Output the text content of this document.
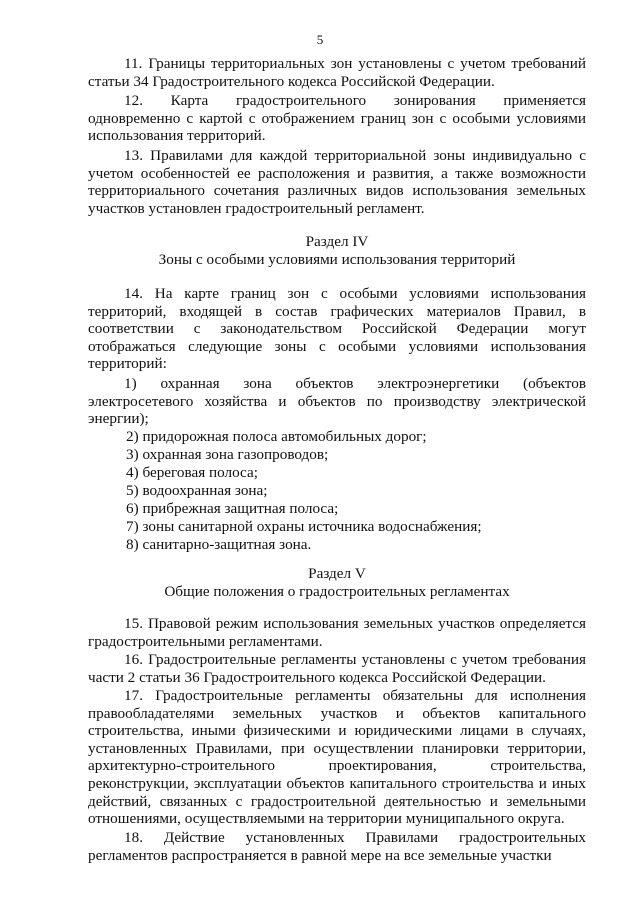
5

11. Границы территориальных зон установлены с учетом требований статьи 34 Градостроительного кодекса Российской Федерации.

12. Карта градостроительного зонирования применяется одновременно с картой с отображением границ зон с особыми условиями использования территорий.

13. Правилами для каждой территориальной зоны индивидуально с учетом особенностей ее расположения и развития, а также возможности территориального сочетания различных видов использования земельных участков установлен градостроительный регламент.

Раздел IV

Зоны с особыми условиями использования территорий

14. На карте границ зон с особыми условиями использования территорий, входящей в состав графических материалов Правил, в соответствии с законодательством Российской Федерации могут отображаться следующие зоны с особыми условиями использования территорий:

1) охранная зона объектов электроэнергетики (объектов электросетевого хозяйства и объектов по производству электрической энергии);

2) придорожная полоса автомобильных дорог;

3) охранная зона газопроводов;

4) береговая полоса;

5) водоохранная зона;

6) прибрежная защитная полоса;

7) зоны санитарной охраны источника водоснабжения;

8) санитарно-защитная зона.

Раздел V

Общие положения о градостроительных регламентах

15. Правовой режим использования земельных участков определяется градостроительными регламентами.

16. Градостроительные регламенты установлены с учетом требования части 2 статьи 36 Градостроительного кодекса Российской Федерации.

17. Градостроительные регламенты обязательны для исполнения правообладателями земельных участков и объектов капитального строительства, иными физическими и юридическими лицами в случаях, установленных Правилами, при осуществлении планировки территории, архитектурно-строительного проектирования, строительства, реконструкции, эксплуатации объектов капитального строительства и иных действий, связанных с градостроительной деятельностью и земельными отношениями, осуществляемыми на территории муниципального округа.

18. Действие установленных Правилами градостроительных регламентов распространяется в равной мере на все земельные участки
